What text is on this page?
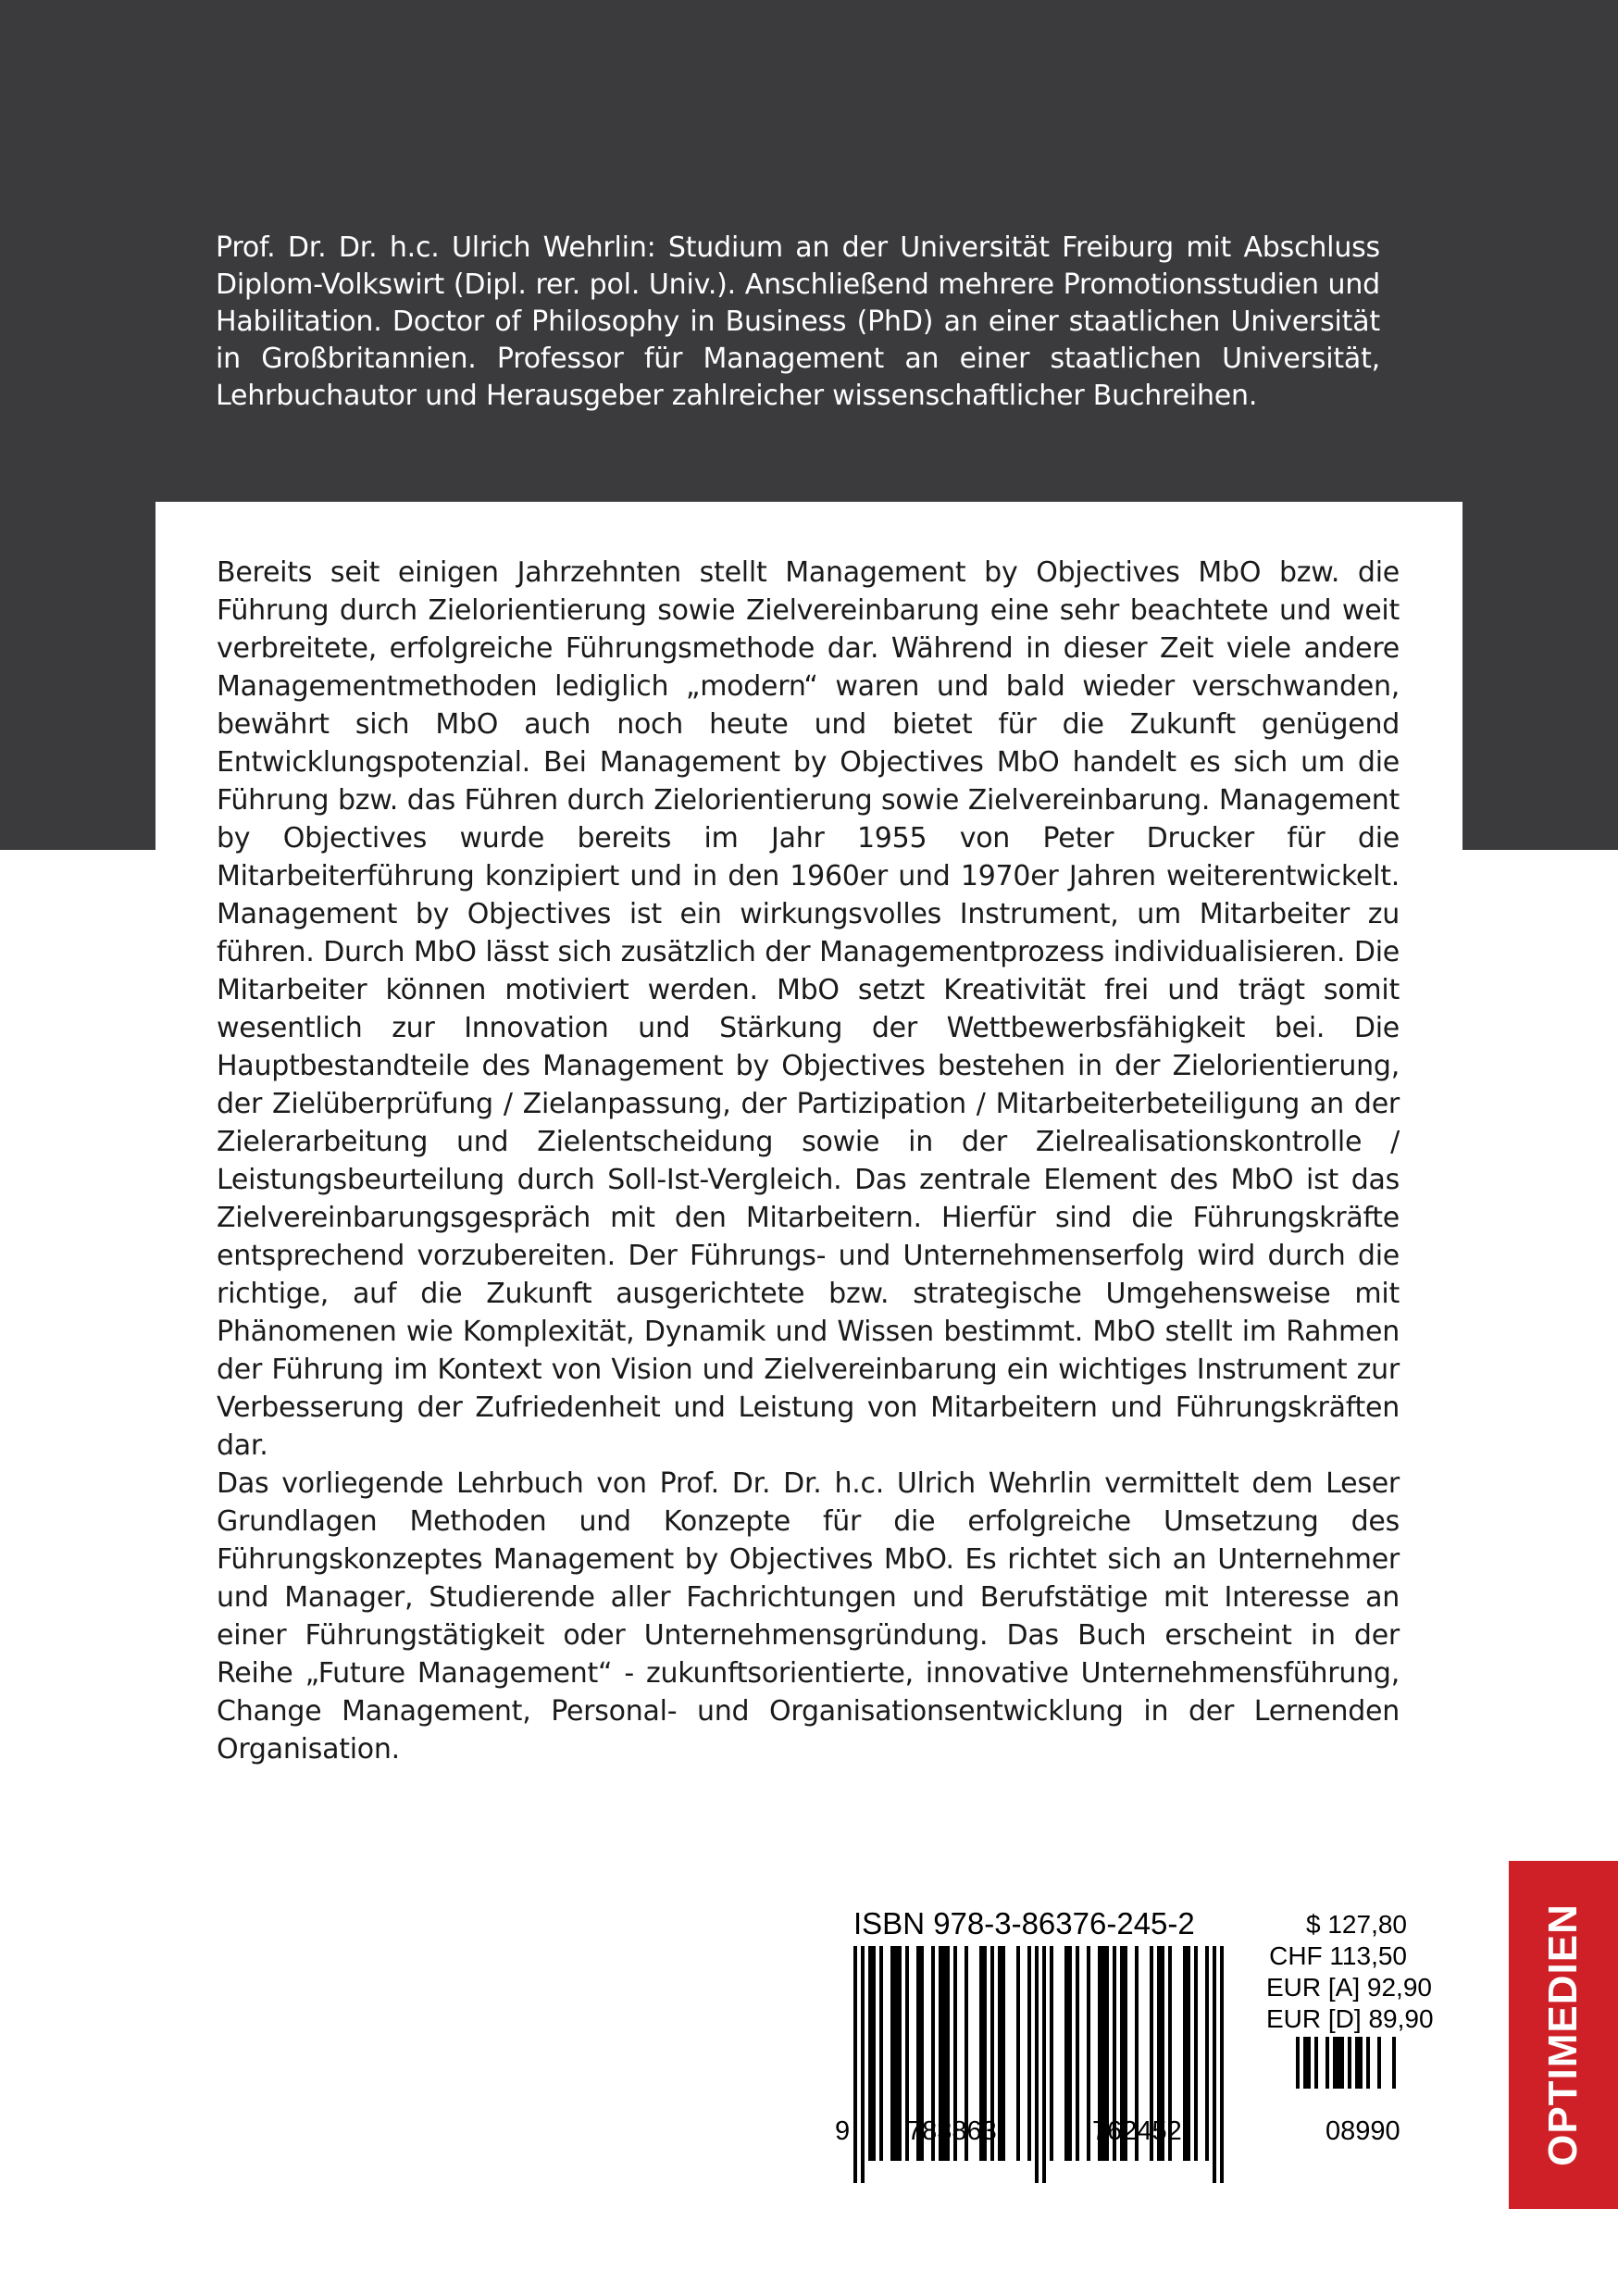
Prof. Dr. Dr. h.c. Ulrich Wehrlin: Studium an der Universität Freiburg mit Abschluss Diplom-Volkswirt (Dipl. rer. pol. Univ.). Anschließend mehrere Promotionsstudien und Habilitation. Doctor of Philosophy in Business (PhD) an einer staatlichen Universität in Großbritannien. Professor für Management an einer staatlichen Universität, Lehrbuchautor und Herausgeber zahlreicher wissenschaftlicher Buchreihen.

Bereits seit einigen Jahrzehnten stellt Management by Objectives MbO bzw. die Führung durch Zielorientierung sowie Zielvereinbarung eine sehr beachtete und weit verbreitete, erfolgreiche Führungsmethode dar. Während in dieser Zeit viele andere Managementmethoden lediglich „modern“ waren und bald wieder verschwanden, bewährt sich MbO auch noch heute und bietet für die Zukunft genügend Entwicklungspotenzial. Bei Management by Objectives MbO handelt es sich um die Führung bzw. das Führen durch Zielorientierung sowie Zielvereinbarung. Management by Objectives wurde bereits im Jahr 1955 von Peter Drucker für die Mitarbeiterführung konzipiert und in den 1960er und 1970er Jahren weiterentwickelt. Management by Objectives ist ein wirkungsvolles Instrument, um Mitarbeiter zu führen. Durch MbO lässt sich zusätzlich der Managementprozess individualisieren. Die Mitarbeiter können motiviert werden. MbO setzt Kreativität frei und trägt somit wesentlich zur Innovation und Stärkung der Wettbewerbsfähigkeit bei. Die Hauptbestandteile des Management by Objectives bestehen in der Zielorientierung, der Zielüberprüfung / Zielanpassung, der Partizipation / Mitarbeiterbeteiligung an der Zielerarbeitung und Zielentscheidung sowie in der Zielrealisationskontrolle / Leistungsbeurteilung durch Soll-Ist-Vergleich. Das zentrale Element des MbO ist das Zielvereinbarungsgespräch mit den Mitarbeitern. Hierfür sind die Führungskräfte entsprechend vorzubereiten. Der Führungs- und Unternehmenserfolg wird durch die richtige, auf die Zukunft ausgerichtete bzw. strategische Umgehensweise mit Phänomenen wie Komplexität, Dynamik und Wissen bestimmt. MbO stellt im Rahmen der Führung im Kontext von Vision und Zielvereinbarung ein wichtiges Instrument zur Verbesserung der Zufriedenheit und Leistung von Mitarbeitern und Führungskräften dar.

Das vorliegende Lehrbuch von Prof. Dr. Dr. h.c. Ulrich Wehrlin vermittelt dem Leser Grundlagen Methoden und Konzepte für die erfolgreiche Umsetzung des Führungskonzeptes Management by Objectives MbO. Es richtet sich an Unternehmer und Manager, Studierende aller Fachrichtungen und Berufstätige mit Interesse an einer Führungstätigkeit oder Unternehmensgründung. Das Buch erscheint in der Reihe „Future Management“ - zukunftsorientierte, innovative Unternehmensführung, Change Management, Personal- und Organisationsentwicklung in der Lernenden Organisation.

ISBN 978-3-86376-245-2
9 783863	762452	08990
$ 127,80
CHF 113,50
EUR [A] 92,90
EUR [D] 89,90	OPTIMEDIEN
